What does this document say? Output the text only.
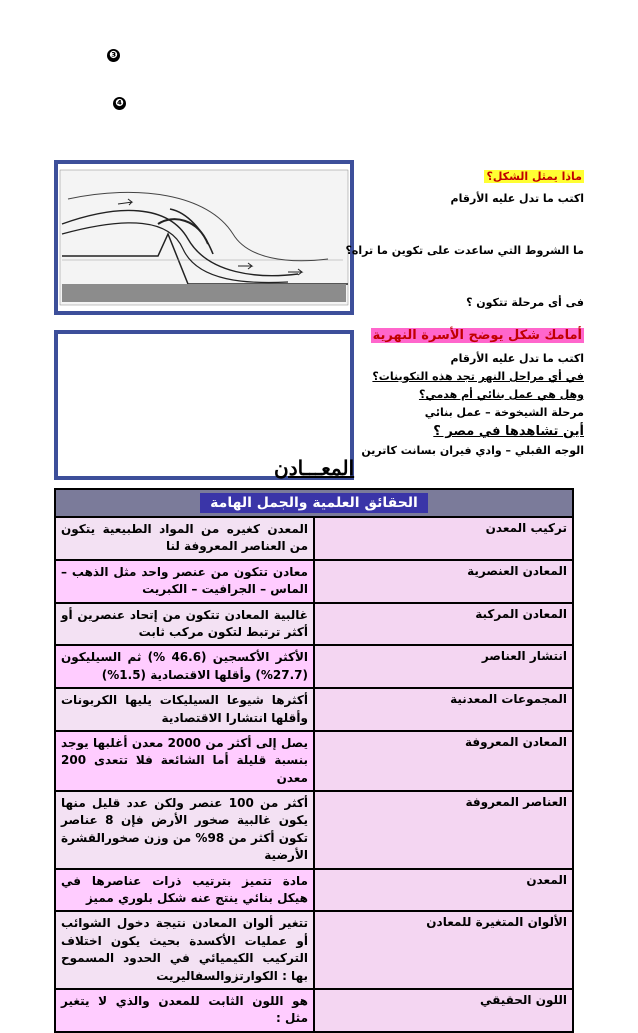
❸
❹
ماذا يمثل الشكل؟
اكتب ما تدل عليه الأرقام
ما الشروط التي ساعدت على تكوين ما تراه؟
فى أى مرحلة تتكون ؟
أمامك شكل يوضح الأسرة النهرية
اكتب ما تدل عليه الأرقام
في أي مراحل النهر تجد هذه التكوينات؟
وهل هي عمل بنائي أم هدمي؟
مرحلة الشيخوخة – عمل بنائي
أين تشاهدها في مصر ؟
الوجه القبلي – وادي فيران بسانت كاترين
المعـــادن
الحقائق العلمية والجمل الهامة	
تركيب المعدن	المعدن كغيره من المواد الطبيعية يتكون من العناصر المعروفة لنا
المعادن العنصرية	معادن تتكون من عنصر واحد مثل الذهب – الماس – الجرافيت – الكبريت
المعادن المركبة	غالبية المعادن تتكون من إتحاد عنصرين أو أكثر ترتبط لتكون مركب ثابت
انتشار العناصر	الأكثر الأكسجين (46.6 %) ثم السيليكون (27.7%) وأقلها الاقتصادية (1.5%)
المجموعات المعدنية	أكثرها شيوعا السيليكات يليها الكربونات وأقلها انتشارا الاقتصادية
المعادن المعروفة	يصل إلى أكثر من 2000 معدن أغلبها يوجد بنسبة قليلة أما الشائعة فلا تتعدى 200 معدن
العناصر المعروفة	أكثر من 100 عنصر ولكن عدد قليل منها يكون غالبية صخور الأرض فإن 8 عناصر تكون أكثر من 98% من وزن صخورالقشرة الأرضية
المعدن	مادة تتميز بترتيب ذرات عناصرها في هيكل بنائي ينتج عنه شكل بلوري مميز
الألوان المتغيرة للمعادن	تتغير ألوان المعادن نتيجة دخول الشوائب أو عمليات الأكسدة بحيث يكون اختلاف التركيب الكيميائي في الحدود المسموح بها : الكوارتزوالسفاليريت
اللون الحقيقي	هو اللون الثابت للمعدن والذي لا يتغير مثل :
